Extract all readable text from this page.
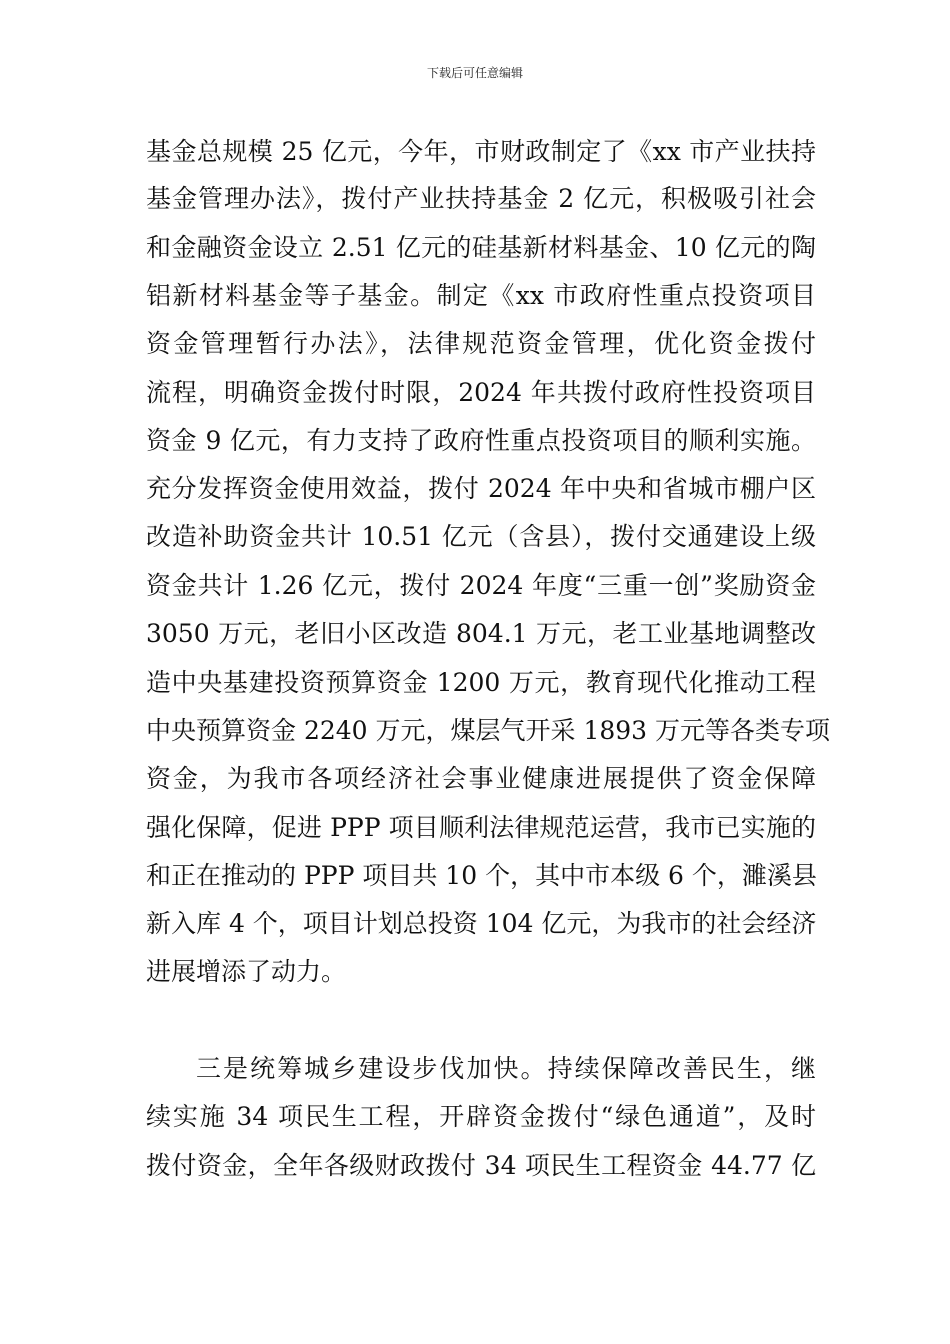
下载后可任意编辑
基金总规模 25 亿元，今年，市财政制定了《xx 市产业扶持
基金管理办法》，拨付产业扶持基金 2 亿元，积极吸引社会
和金融资金设立 2.51 亿元的硅基新材料基金、10 亿元的陶
铝新材料基金等子基金。制定《xx 市政府性重点投资项目
资金管理暂行办法》，法律规范资金管理，优化资金拨付
流程，明确资金拨付时限，2024 年共拨付政府性投资项目
资金 9 亿元，有力支持了政府性重点投资项目的顺利实施。
充分发挥资金使用效益，拨付 2024 年中央和省城市棚户区
改造补助资金共计 10.51 亿元（含县），拨付交通建设上级
资金共计 1.26 亿元，拨付 2024 年度“三重一创”奖励资金
3050 万元，老旧小区改造 804.1 万元，老工业基地调整改
造中央基建投资预算资金 1200 万元，教育现代化推动工程
中央预算资金 2240 万元，煤层气开采 1893 万元等各类专项
资金，为我市各项经济社会事业健康进展提供了资金保障
强化保障，促进 PPP 项目顺利法律规范运营，我市已实施的
和正在推动的 PPP 项目共 10 个，其中市本级 6 个，濉溪县
新入库 4 个，项目计划总投资 104 亿元，为我市的社会经济
进展增添了动力。
三是统筹城乡建设步伐加快。持续保障改善民生，继
续实施 34 项民生工程，开辟资金拨付“绿色通道”，及时
拨付资金，全年各级财政拨付 34 项民生工程资金 44.77 亿
